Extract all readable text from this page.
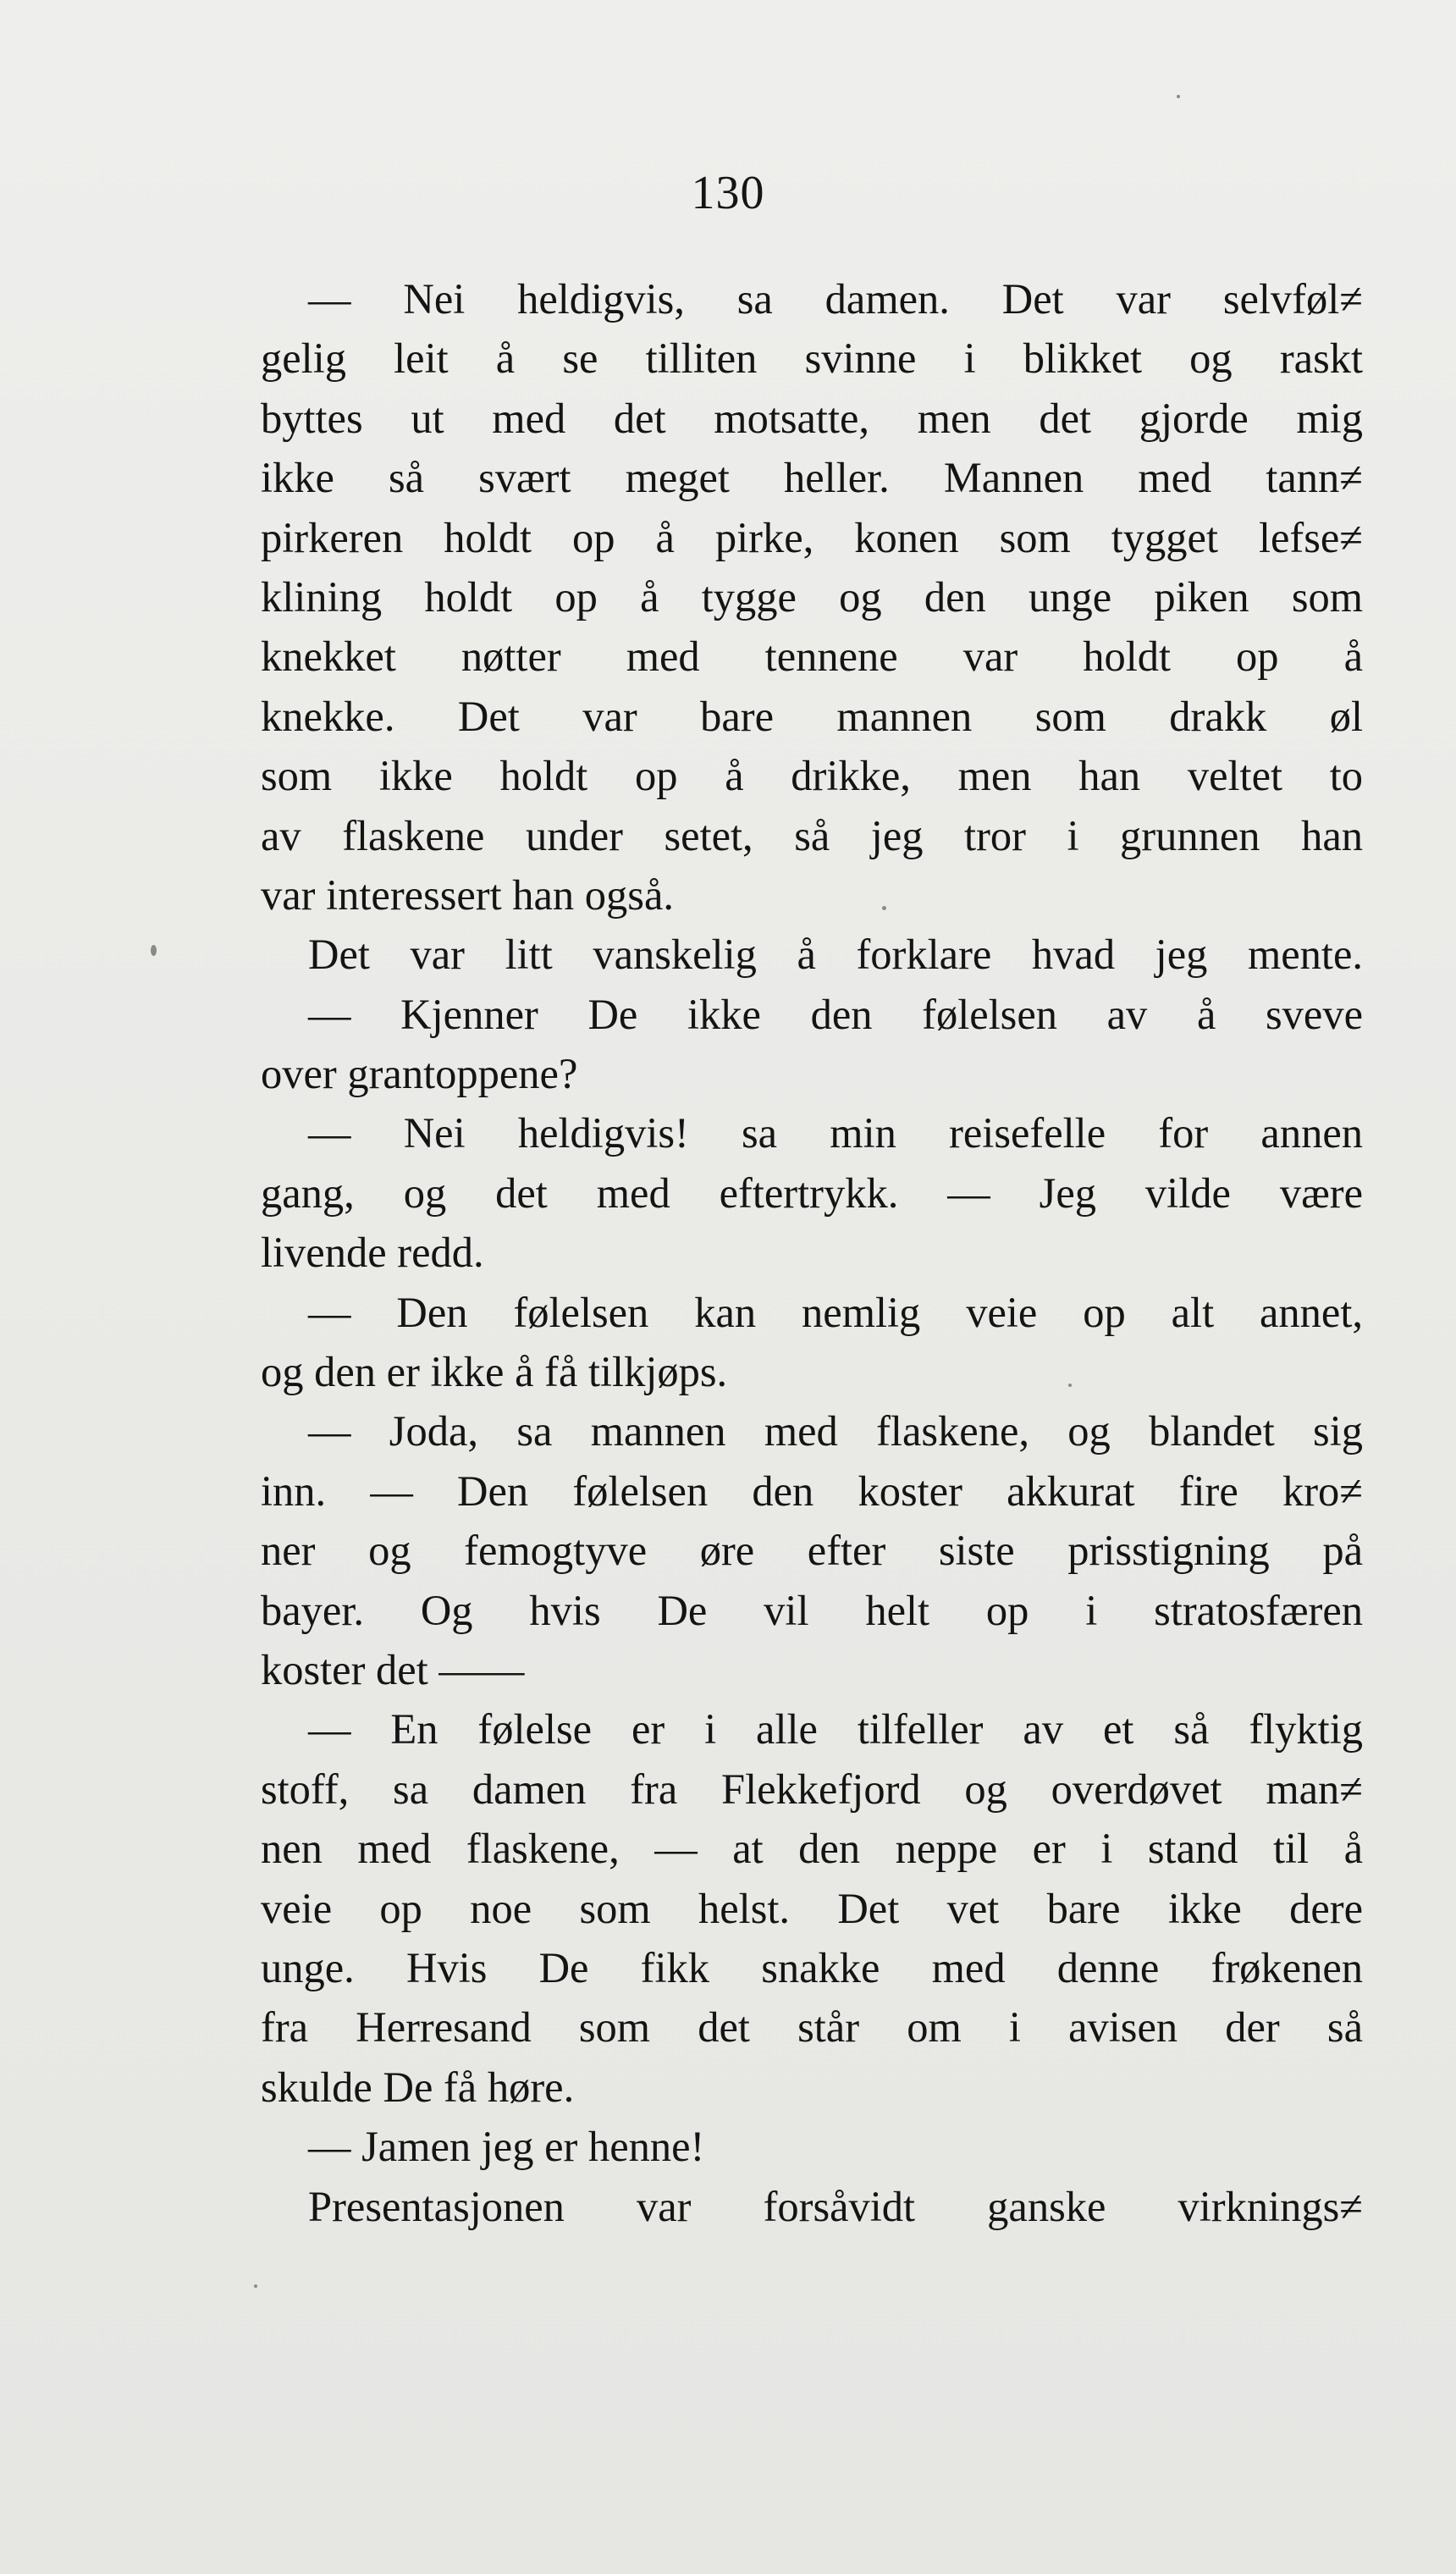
130
— Nei heldigvis, sa damen. Det var selvføl≠
gelig leit å se tilliten svinne i blikket og raskt
byttes ut med det motsatte, men det gjorde mig
ikke så svært meget heller. Mannen med tann≠
pirkeren holdt op å pirke, konen som tygget lefse≠
klining holdt op å tygge og den unge piken som
knekket nøtter med tennene var holdt op å
knekke. Det var bare mannen som drakk øl
som ikke holdt op å drikke, men han veltet to
av flaskene under setet, så jeg tror i grunnen han
var interessert han også.
Det var litt vanskelig å forklare hvad jeg mente.
— Kjenner De ikke den følelsen av å sveve
over grantoppene?
— Nei heldigvis! sa min reisefelle for annen
gang, og det med eftertrykk. — Jeg vilde være
livende redd.
— Den følelsen kan nemlig veie op alt annet,
og den er ikke å få tilkjøps.
— Joda, sa mannen med flaskene, og blandet sig
inn. — Den følelsen den koster akkurat fire kro≠
ner og femogtyve øre efter siste prisstigning på
bayer. Og hvis De vil helt op i stratosfæren
koster det ——
— En følelse er i alle tilfeller av et så flyktig
stoff, sa damen fra Flekkefjord og overdøvet man≠
nen med flaskene, — at den neppe er i stand til å
veie op noe som helst. Det vet bare ikke dere
unge. Hvis De fikk snakke med denne frøkenen
fra Herresand som det står om i avisen der så
skulde De få høre.
— Jamen jeg er henne!
Presentasjonen var forsåvidt ganske virknings≠
